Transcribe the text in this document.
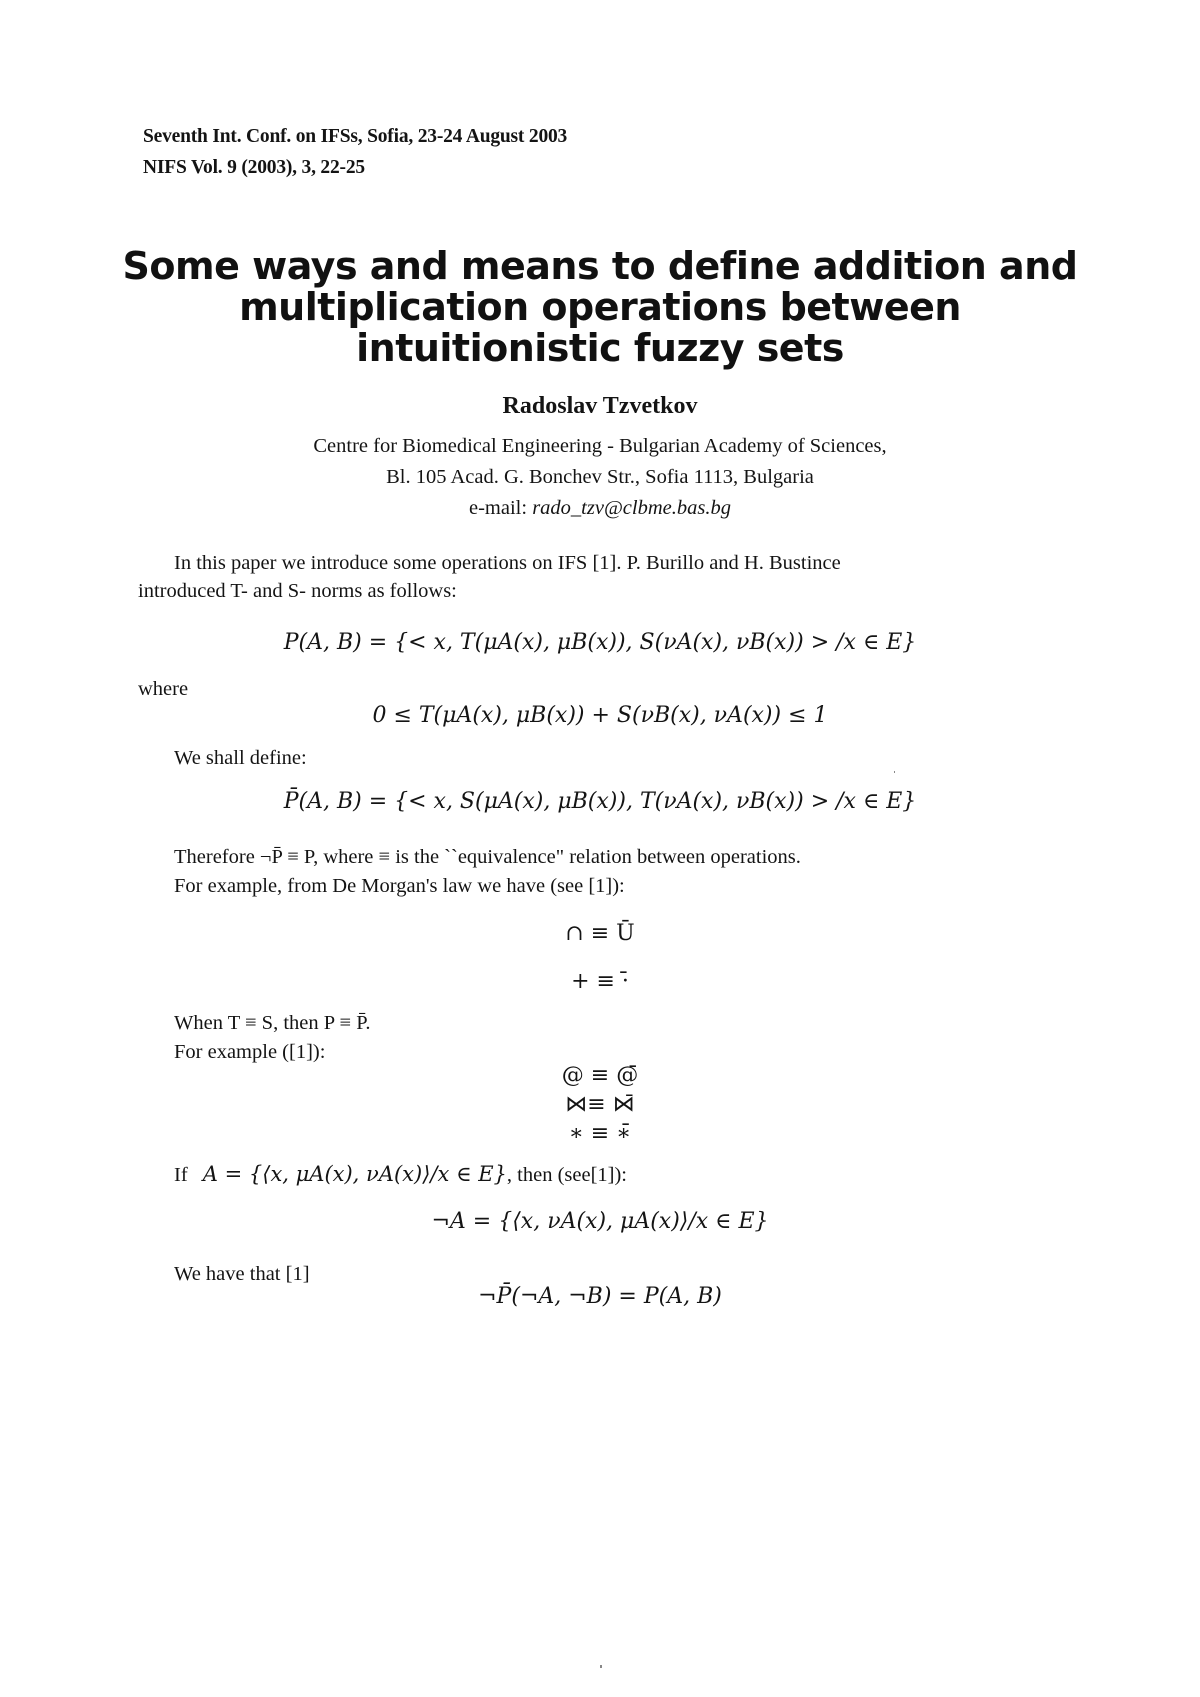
Seventh Int. Conf. on IFSs, Sofia, 23-24 August 2003
NIFS Vol. 9 (2003), 3, 22-25
Some ways and means to define addition and
multiplication operations between
intuitionistic fuzzy sets
Radoslav Tzvetkov
Centre for Biomedical Engineering - Bulgarian Academy of Sciences,
Bl. 105 Acad. G. Bonchev Str., Sofia 1113, Bulgaria
e-mail: rado_tzv@clbme.bas.bg
In this paper we introduce some operations on IFS [1]. P. Burillo and H. Bustince
introduced T- and S- norms as follows:
P(A, B) = {< x, T(μA(x), μB(x)), S(νA(x), νB(x)) > /x ∈ E}
where
0 ≤ T(μA(x), μB(x)) + S(νB(x), νA(x)) ≤ 1
We shall define:
P̄(A, B) = {< x, S(μA(x), μB(x)), T(νA(x), νB(x)) > /x ∈ E}
Therefore ¬P̄ ≡ P, where ≡ is the ``equivalence" relation between operations.
For example, from De Morgan's law we have (see [1]):
∩ ≡ Ū
+ ≡ ·̄
When T ≡ S, then P ≡ P̄.
For example ([1]):
@ ≡ @̄
⋈≡ ⋈̄
∗ ≡ ∗̄
If A = {⟨x, μA(x), νA(x)⟩/x ∈ E}, then (see[1]):
¬A = {⟨x, νA(x), μA(x)⟩/x ∈ E}
We have that [1]
¬P̄(¬A, ¬B) = P(A, B)
